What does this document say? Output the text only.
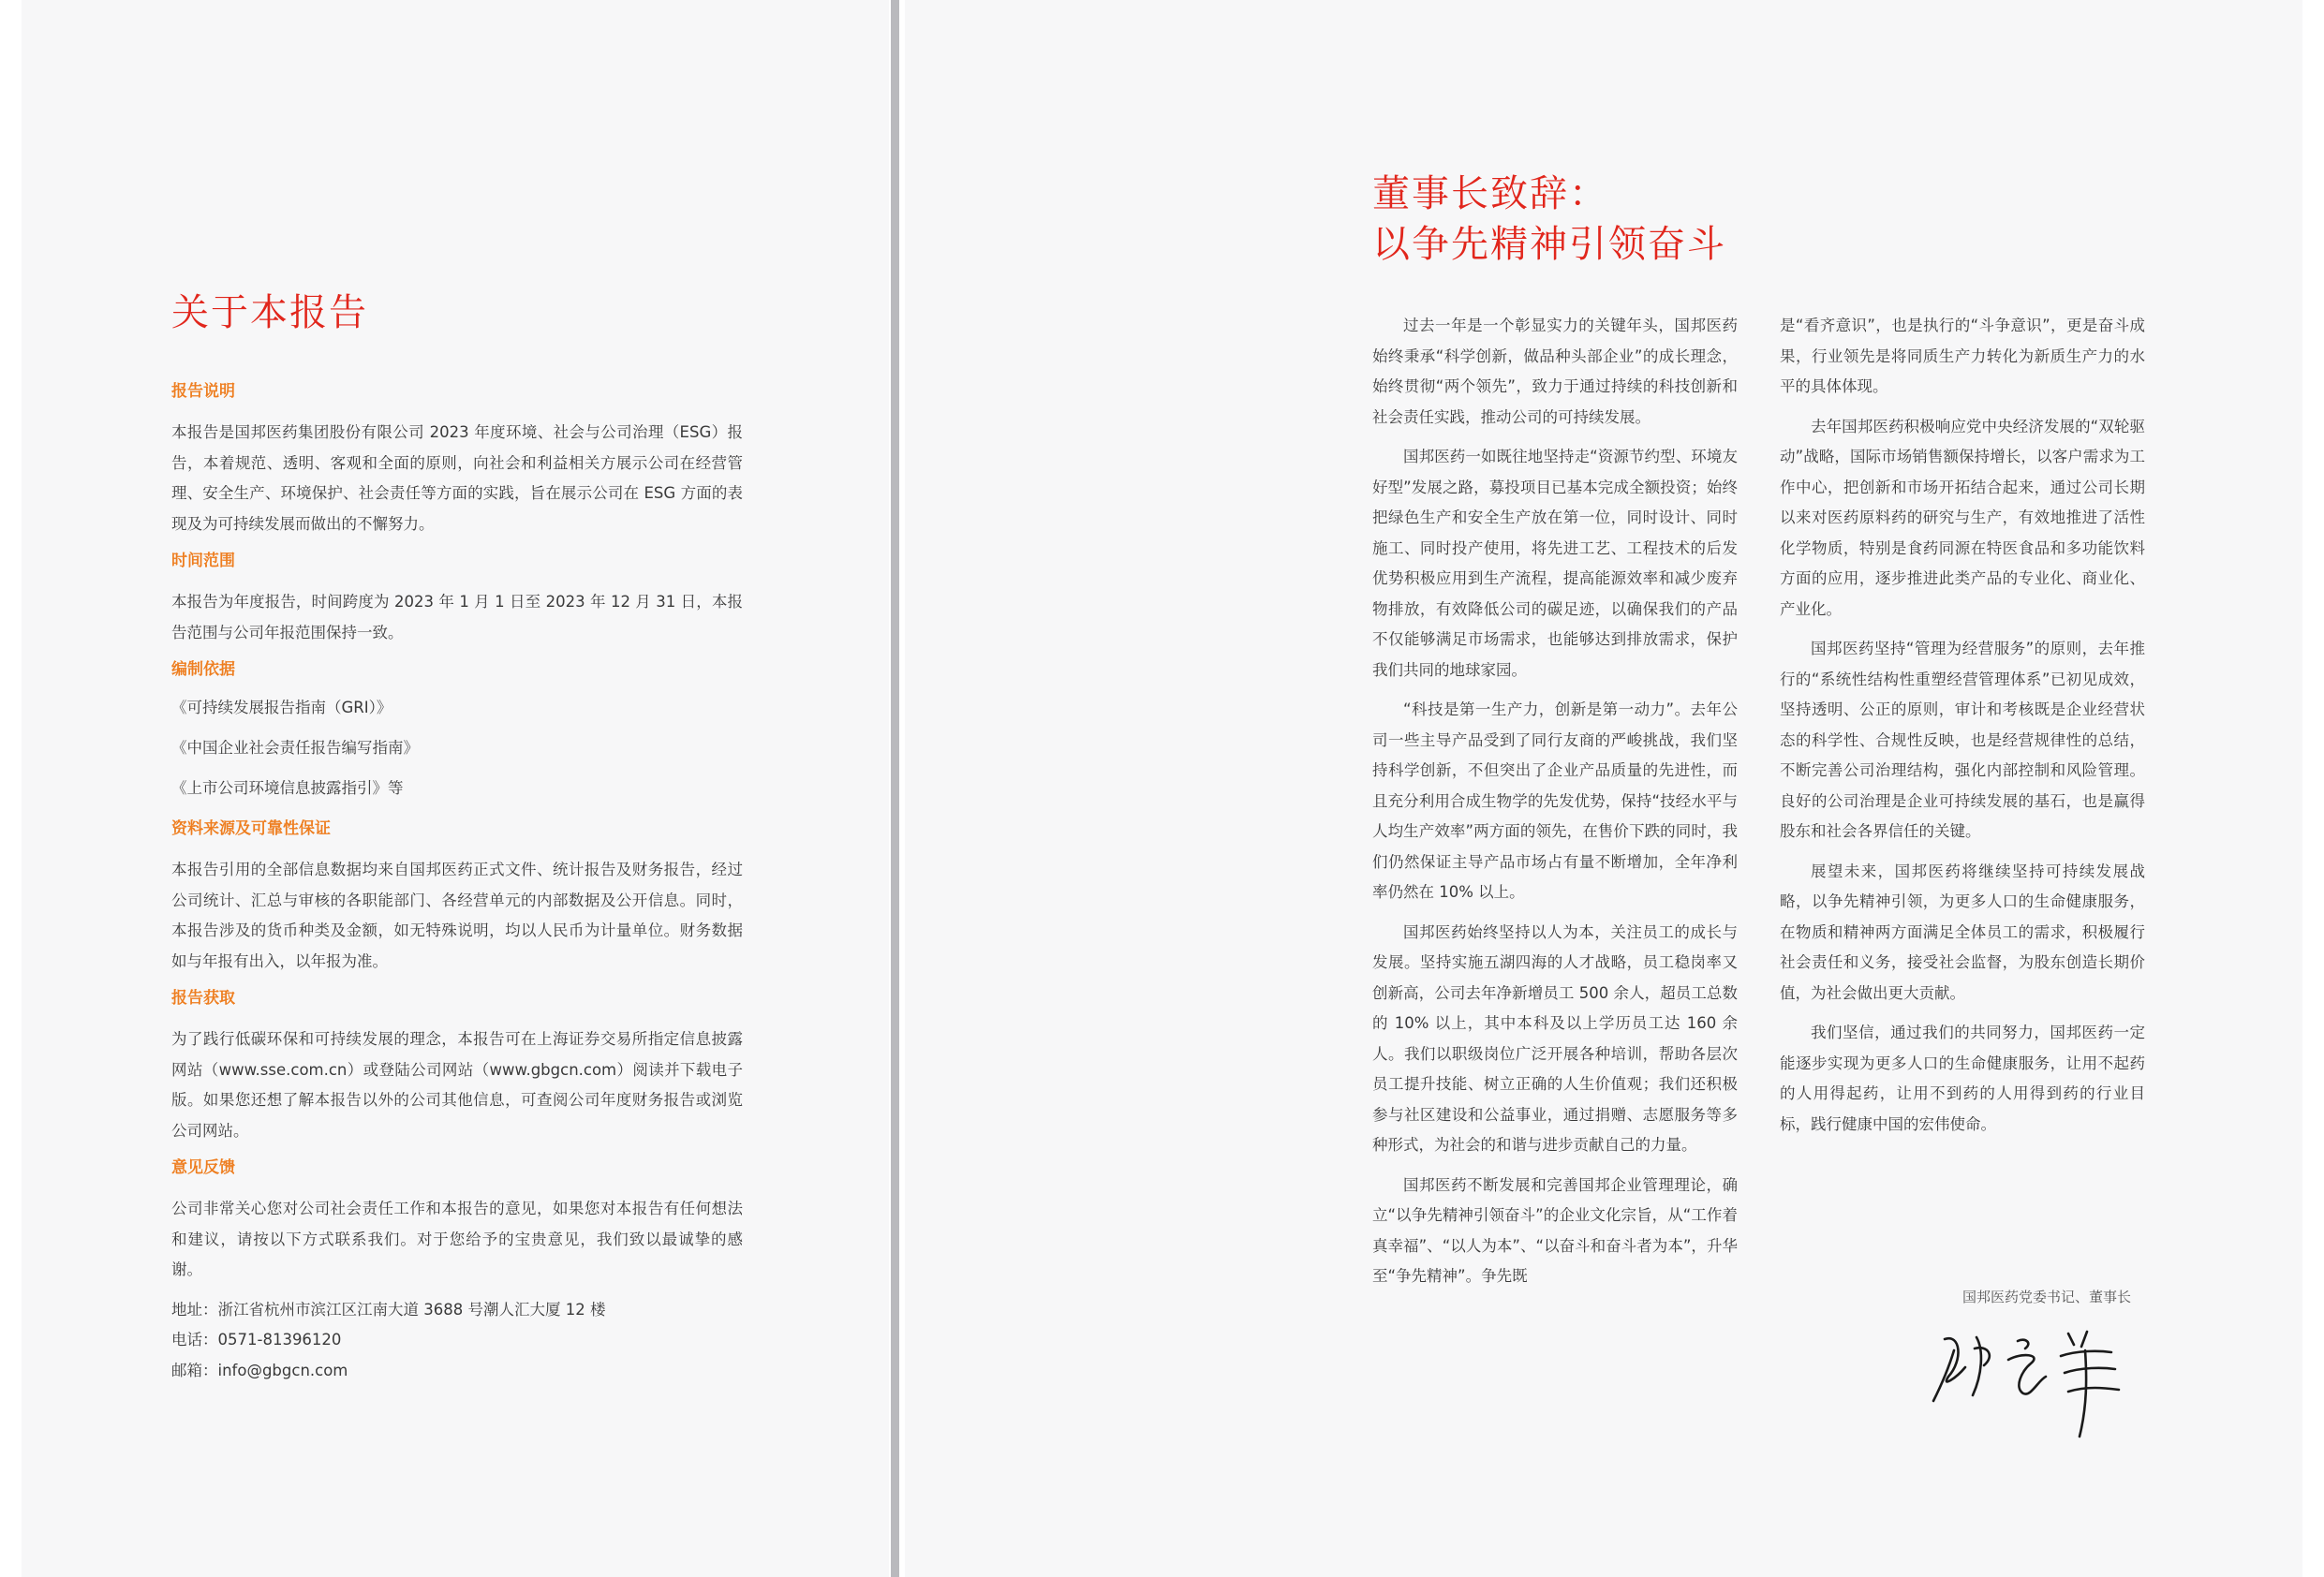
关于本报告
报告说明

本报告是国邦医药集团股份有限公司 2023 年度环境、社会与公司治理（ESG）报告，本着规范、透明、客观和全面的原则，向社会和利益相关方展示公司在经营管理、安全生产、环境保护、社会责任等方面的实践，旨在展示公司在 ESG 方面的表现及为可持续发展而做出的不懈努力。

时间范围

本报告为年度报告，时间跨度为 2023 年 1 月 1 日至 2023 年 12 月 31 日，本报告范围与公司年报范围保持一致。

编制依据

《可持续发展报告指南（GRI）》

《中国企业社会责任报告编写指南》

《上市公司环境信息披露指引》等

资料来源及可靠性保证

本报告引用的全部信息数据均来自国邦医药正式文件、统计报告及财务报告，经过公司统计、汇总与审核的各职能部门、各经营单元的内部数据及公开信息。同时，本报告涉及的货币种类及金额，如无特殊说明，均以人民币为计量单位。财务数据如与年报有出入，以年报为准。

报告获取

为了践行低碳环保和可持续发展的理念，本报告可在上海证券交易所指定信息披露网站（www.sse.com.cn）或登陆公司网站（www.gbgcn.com）阅读并下载电子版。如果您还想了解本报告以外的公司其他信息，可查阅公司年度财务报告或浏览公司网站。

意见反馈

公司非常关心您对公司社会责任工作和本报告的意见，如果您对本报告有任何想法和建议，请按以下方式联系我们。对于您给予的宝贵意见，我们致以最诚挚的感谢。

地址：浙江省杭州市滨江区江南大道 3688 号潮人汇大厦 12 楼

电话：0571-81396120

邮箱：info@gbgcn.com

董事长致辞：
以争先精神引领奋斗

过去一年是一个彰显实力的关键年头，国邦医药始终秉承“科学创新，做品种头部企业”的成长理念，始终贯彻“两个领先”，致力于通过持续的科技创新和社会责任实践，推动公司的可持续发展。

国邦医药一如既往地坚持走“资源节约型、环境友好型”发展之路，募投项目已基本完成全额投资；始终把绿色生产和安全生产放在第一位，同时设计、同时施工、同时投产使用，将先进工艺、工程技术的后发优势积极应用到生产流程，提高能源效率和减少废弃物排放，有效降低公司的碳足迹，以确保我们的产品不仅能够满足市场需求，也能够达到排放需求，保护我们共同的地球家园。

“科技是第一生产力，创新是第一动力”。去年公司一些主导产品受到了同行友商的严峻挑战，我们坚持科学创新，不但突出了企业产品质量的先进性，而且充分利用合成生物学的先发优势，保持“技经水平与人均生产效率”两方面的领先，在售价下跌的同时，我们仍然保证主导产品市场占有量不断增加，全年净利率仍然在 10% 以上。

国邦医药始终坚持以人为本，关注员工的成长与发展。坚持实施五湖四海的人才战略，员工稳岗率又创新高，公司去年净新增员工 500 余人，超员工总数的 10% 以上，其中本科及以上学历员工达 160 余人。我们以职级岗位广泛开展各种培训，帮助各层次员工提升技能、树立正确的人生价值观；我们还积极参与社区建设和公益事业，通过捐赠、志愿服务等多种形式，为社会的和谐与进步贡献自己的力量。

国邦医药不断发展和完善国邦企业管理理论，确立“以争先精神引领奋斗”的企业文化宗旨，从“工作着真幸福”、“以人为本”、“以奋斗和奋斗者为本”，升华至“争先精神”。争先既

是“看齐意识”，也是执行的“斗争意识”，更是奋斗成果，行业领先是将同质生产力转化为新质生产力的水平的具体体现。

去年国邦医药积极响应党中央经济发展的“双轮驱动”战略，国际市场销售额保持增长，以客户需求为工作中心，把创新和市场开拓结合起来，通过公司长期以来对医药原料药的研究与生产，有效地推进了活性化学物质，特别是食药同源在特医食品和多功能饮料方面的应用，逐步推进此类产品的专业化、商业化、产业化。

国邦医药坚持“管理为经营服务”的原则，去年推行的“系统性结构性重塑经营管理体系”已初见成效，坚持透明、公正的原则，审计和考核既是企业经营状态的科学性、合规性反映，也是经营规律性的总结，不断完善公司治理结构，强化内部控制和风险管理。良好的公司治理是企业可持续发展的基石，也是赢得股东和社会各界信任的关键。

展望未来，国邦医药将继续坚持可持续发展战略，以争先精神引领，为更多人口的生命健康服务，在物质和精神两方面满足全体员工的需求，积极履行社会责任和义务，接受社会监督，为股东创造长期价值，为社会做出更大贡献。

我们坚信，通过我们的共同努力，国邦医药一定能逐步实现为更多人口的生命健康服务，让用不起药的人用得起药，让用不到药的人用得到药的行业目标，践行健康中国的宏伟使命。

国邦医药党委书记、董事长
